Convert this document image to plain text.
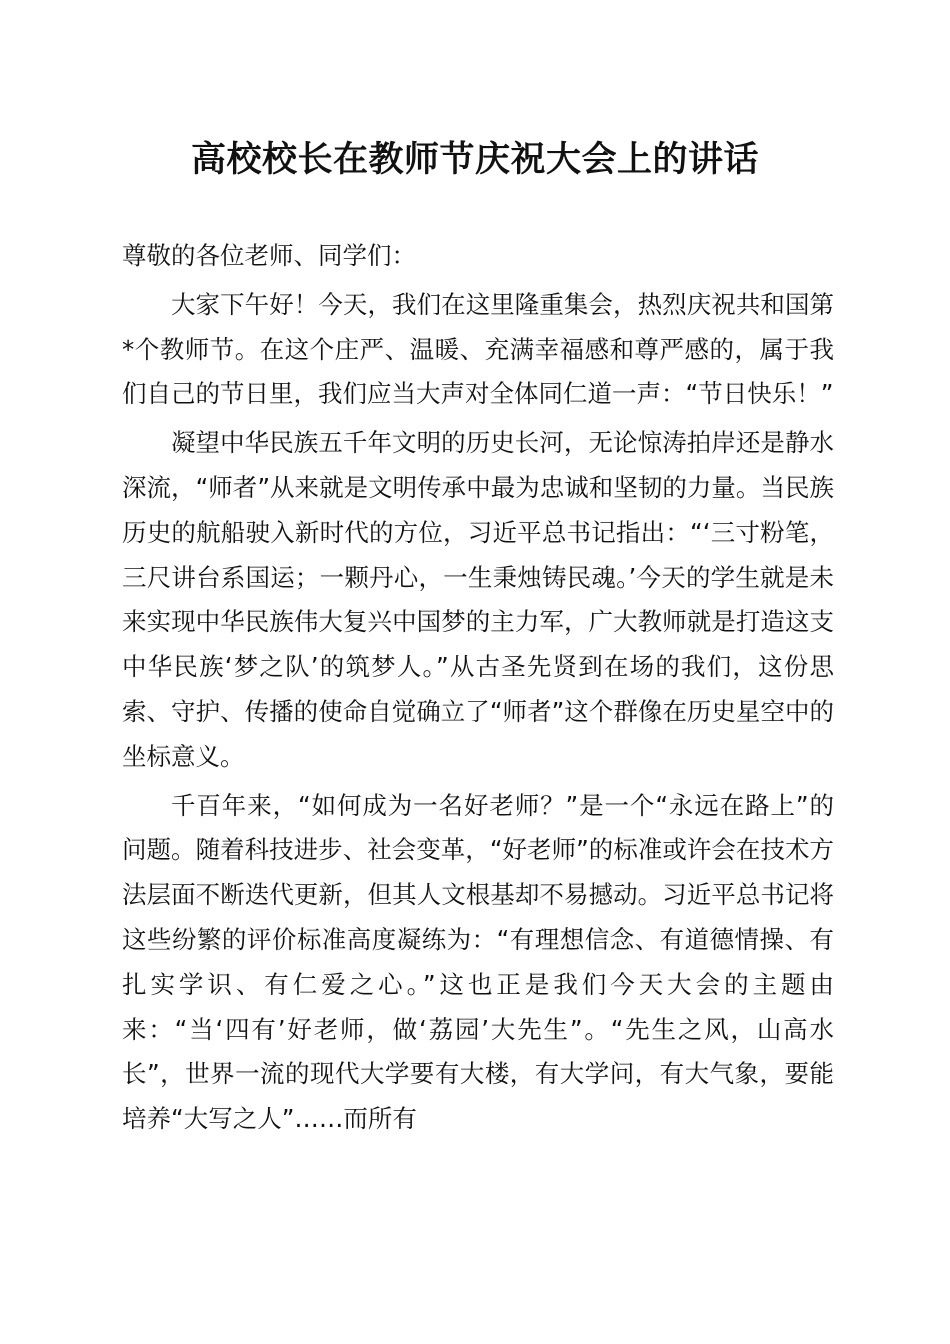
高校校长在教师节庆祝大会上的讲话

尊敬的各位老师、同学们：

大家下午好！今天，我们在这里隆重集会，热烈庆祝共和国第*个教师节。在这个庄严、温暖、充满幸福感和尊严感的，属于我们自己的节日里，我们应当大声对全体同仁道一声：“节日快乐！”

凝望中华民族五千年文明的历史长河，无论惊涛拍岸还是静水深流，“师者”从来就是文明传承中最为忠诚和坚韧的力量。当民族历史的航船驶入新时代的方位，习近平总书记指出：“‘三寸粉笔，三尺讲台系国运；一颗丹心，一生秉烛铸民魂。’今天的学生就是未来实现中华民族伟大复兴中国梦的主力军，广大教师就是打造这支中华民族‘梦之队’的筑梦人。”从古圣先贤到在场的我们，这份思索、守护、传播的使命自觉确立了“师者”这个群像在历史星空中的坐标意义。

千百年来，“如何成为一名好老师？”是一个“永远在路上”的问题。随着科技进步、社会变革，“好老师”的标准或许会在技术方法层面不断迭代更新，但其人文根基却不易撼动。习近平总书记将这些纷繁的评价标准高度凝练为：“有理想信念、有道德情操、有扎实学识、有仁爱之心。”这也正是我们今天大会的主题由来：“当‘四有’好老师，做‘荔园’大先生”。“先生之风，山高水长”，世界一流的现代大学要有大楼，有大学问，有大气象，要能培养“大写之人”……而所有
